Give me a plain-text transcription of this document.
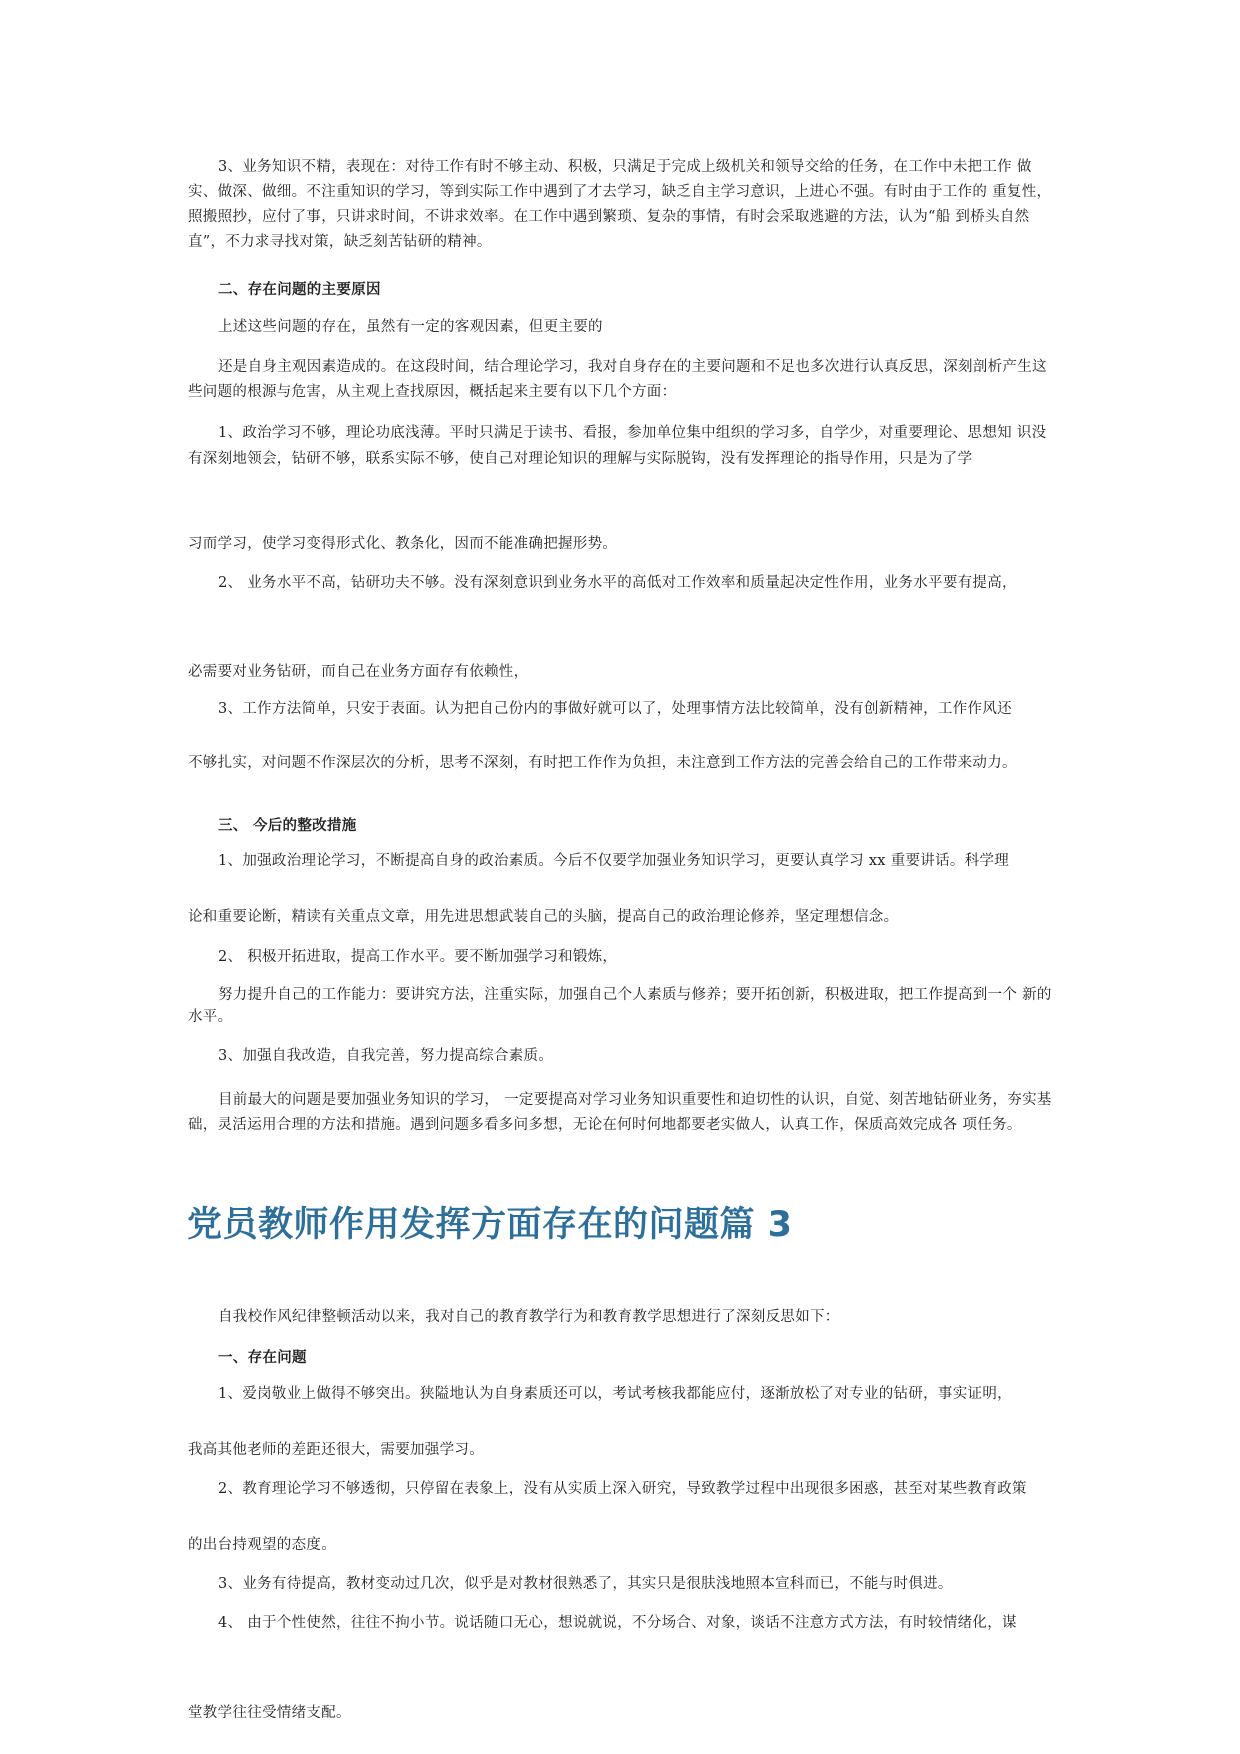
3、业务知识不精，表现在：对待工作有时不够主动、积极，只满足于完成上级机关和领导交给的任务，在工作中未把工作 做实、做深、做细。不注重知识的学习，等到实际工作中遇到了才去学习，缺乏自主学习意识，上进心不强。有时由于工作的 重复性，照搬照抄，应付了事，只讲求时间，不讲求效率。在工作中遇到繁琐、复杂的事情，有时会采取逃避的方法，认为“船 到桥头自然直”，不力求寻找对策，缺乏刻苦钻研的精神。

二、存在问题的主要原因

上述这些问题的存在，虽然有一定的客观因素，但更主要的

还是自身主观因素造成的。在这段时间，结合理论学习，我对自身存在的主要问题和不足也多次进行认真反思，深刻剖析产生这些问题的根源与危害，从主观上查找原因，概括起来主要有以下几个方面：

1、政治学习不够，理论功底浅薄。平时只满足于读书、看报，参加单位集中组织的学习多，自学少，对重要理论、思想知 识没有深刻地领会，钻研不够，联系实际不够，使自己对理论知识的理解与实际脱钩，没有发挥理论的指导作用，只是为了学

习而学习，使学习变得形式化、教条化，因而不能准确把握形势。

2、 业务水平不高，钻研功夫不够。没有深刻意识到业务水平的高低对工作效率和质量起决定性作用，业务水平要有提高，

必需要对业务钻研，而自己在业务方面存有依赖性，

3、工作方法简单，只安于表面。认为把自己份内的事做好就可以了，处理事情方法比较简单，没有创新精神，工作作风还

不够扎实，对问题不作深层次的分析，思考不深刻，有时把工作作为负担，未注意到工作方法的完善会给自己的工作带来动力。

三、 今后的整改措施

1、加强政治理论学习，不断提高自身的政治素质。今后不仅要学加强业务知识学习，更要认真学习 xx 重要讲话。科学理

论和重要论断，精读有关重点文章，用先进思想武装自己的头脑，提高自己的政治理论修养，坚定理想信念。

2、 积极开拓进取，提高工作水平。要不断加强学习和锻炼，

努力提升自己的工作能力：要讲究方法，注重实际，加强自己个人素质与修养；要开拓创新，积极进取，把工作提高到一个 新的水平。

3、加强自我改造，自我完善，努力提高综合素质。

目前最大的问题是要加强业务知识的学习， 一定要提高对学习业务知识重要性和迫切性的认识，自觉、刻苦地钻研业务，夯实基础，灵活运用合理的方法和措施。遇到问题多看多问多想，无论在何时何地都要老实做人，认真工作，保质高效完成各 项任务。

党员教师作用发挥方面存在的问题篇 3

自我校作风纪律整顿活动以来，我对自己的教育教学行为和教育教学思想进行了深刻反思如下：

一、存在问题

1、爱岗敬业上做得不够突出。狭隘地认为自身素质还可以，考试考核我都能应付，逐渐放松了对专业的钻研，事实证明，

我高其他老师的差距还很大，需要加强学习。

2、教育理论学习不够透彻，只停留在表象上，没有从实质上深入研究，导致教学过程中出现很多困惑，甚至对某些教育政策

的出台持观望的态度。

3、业务有待提高，教材变动过几次，似乎是对教材很熟悉了，其实只是很肤浅地照本宣科而已，不能与时俱进。

4、 由于个性使然，往往不拘小节。说话随口无心，想说就说，不分场合、对象，谈话不注意方式方法，有时较情绪化，谋

堂教学往往受情绪支配。
